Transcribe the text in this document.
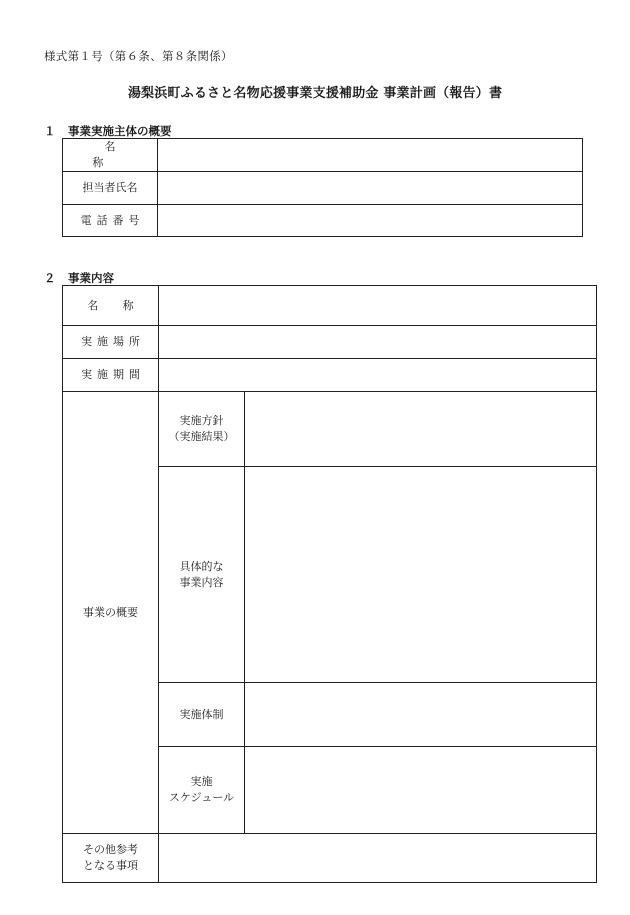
様式第１号（第６条、第８条関係）
湯梨浜町ふるさと名物応援事業支援補助金 事業計画（報告）書
１ 事業実施主体の概要
名称	
担当者氏名	
電話番号	
２ 事業内容
名称		
実施場所		
実施期間		
事業の概要	実施方針
（実施結果）	

	具体的な
事業内容	

	実施体制	

	実施
スケジュール	

その他参考
となる事項		
